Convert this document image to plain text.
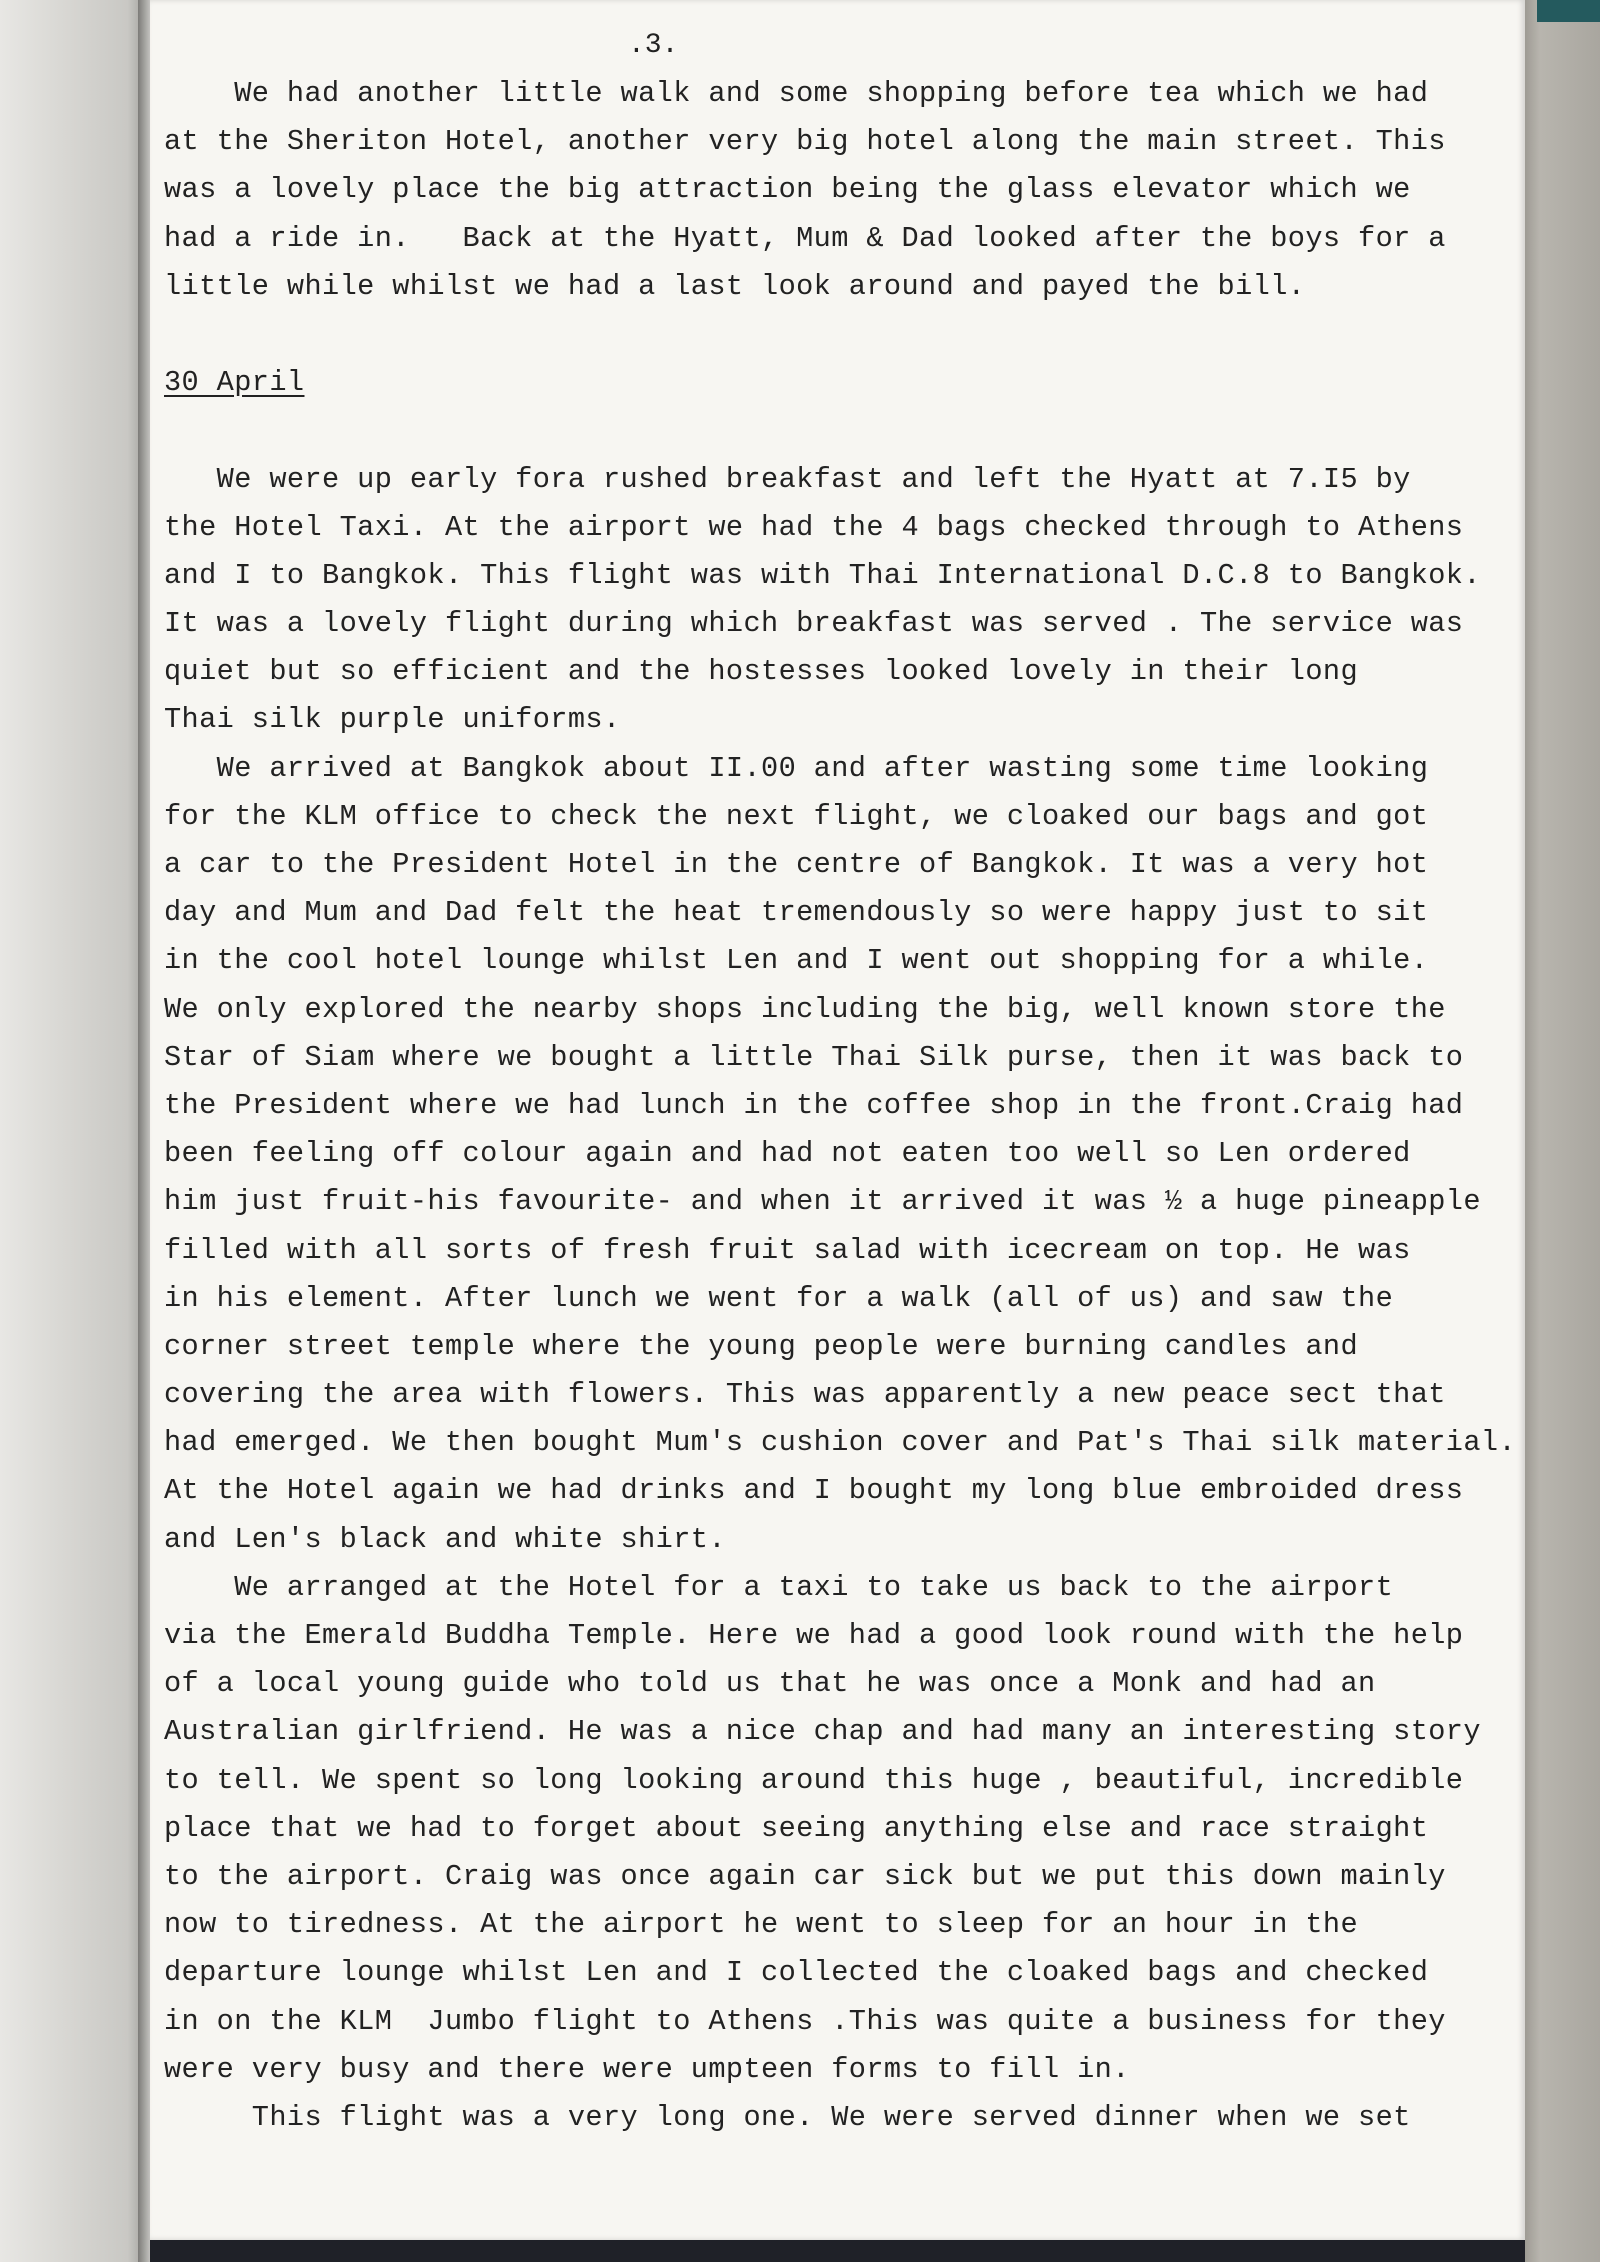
.3.
We had another little walk and some shopping before tea which we had
at the Sheriton Hotel, another very big hotel along the main street. This
was a lovely place the big attraction being the glass elevator which we
had a ride in.   Back at the Hyatt, Mum & Dad looked after the boys for a
little while whilst we had a last look around and payed the bill.
30 April
We were up early fora rushed breakfast and left the Hyatt at 7.I5 by
the Hotel Taxi. At the airport we had the 4 bags checked through to Athens
and I to Bangkok. This flight was with Thai International D.C.8 to Bangkok.
It was a lovely flight during which breakfast was served . The service was
quiet but so efficient and the hostesses looked lovely in their long
Thai silk purple uniforms.
We arrived at Bangkok about II.00 and after wasting some time looking
for the KLM office to check the next flight, we cloaked our bags and got
a car to the President Hotel in the centre of Bangkok. It was a very hot
day and Mum and Dad felt the heat tremendously so were happy just to sit
in the cool hotel lounge whilst Len and I went out shopping for a while.
We only explored the nearby shops including the big, well known store the
Star of Siam where we bought a little Thai Silk purse, then it was back to
the President where we had lunch in the coffee shop in the front.Craig had
been feeling off colour again and had not eaten too well so Len ordered
him just fruit-his favourite- and when it arrived it was ½ a huge pineapple
filled with all sorts of fresh fruit salad with icecream on top. He was
in his element. After lunch we went for a walk (all of us) and saw the
corner street temple where the young people were burning candles and
covering the area with flowers. This was apparently a new peace sect that
had emerged. We then bought Mum's cushion cover and Pat's Thai silk material.
At the Hotel again we had drinks and I bought my long blue embroided dress
and Len's black and white shirt.
We arranged at the Hotel for a taxi to take us back to the airport
via the Emerald Buddha Temple. Here we had a good look round with the help
of a local young guide who told us that he was once a Monk and had an
Australian girlfriend. He was a nice chap and had many an interesting story
to tell. We spent so long looking around this huge , beautiful, incredible
place that we had to forget about seeing anything else and race straight
to the airport. Craig was once again car sick but we put this down mainly
now to tiredness. At the airport he went to sleep for an hour in the
departure lounge whilst Len and I collected the cloaked bags and checked
in on the KLM  Jumbo flight to Athens .This was quite a business for they
were very busy and there were umpteen forms to fill in.
This flight was a very long one. We were served dinner when we set
